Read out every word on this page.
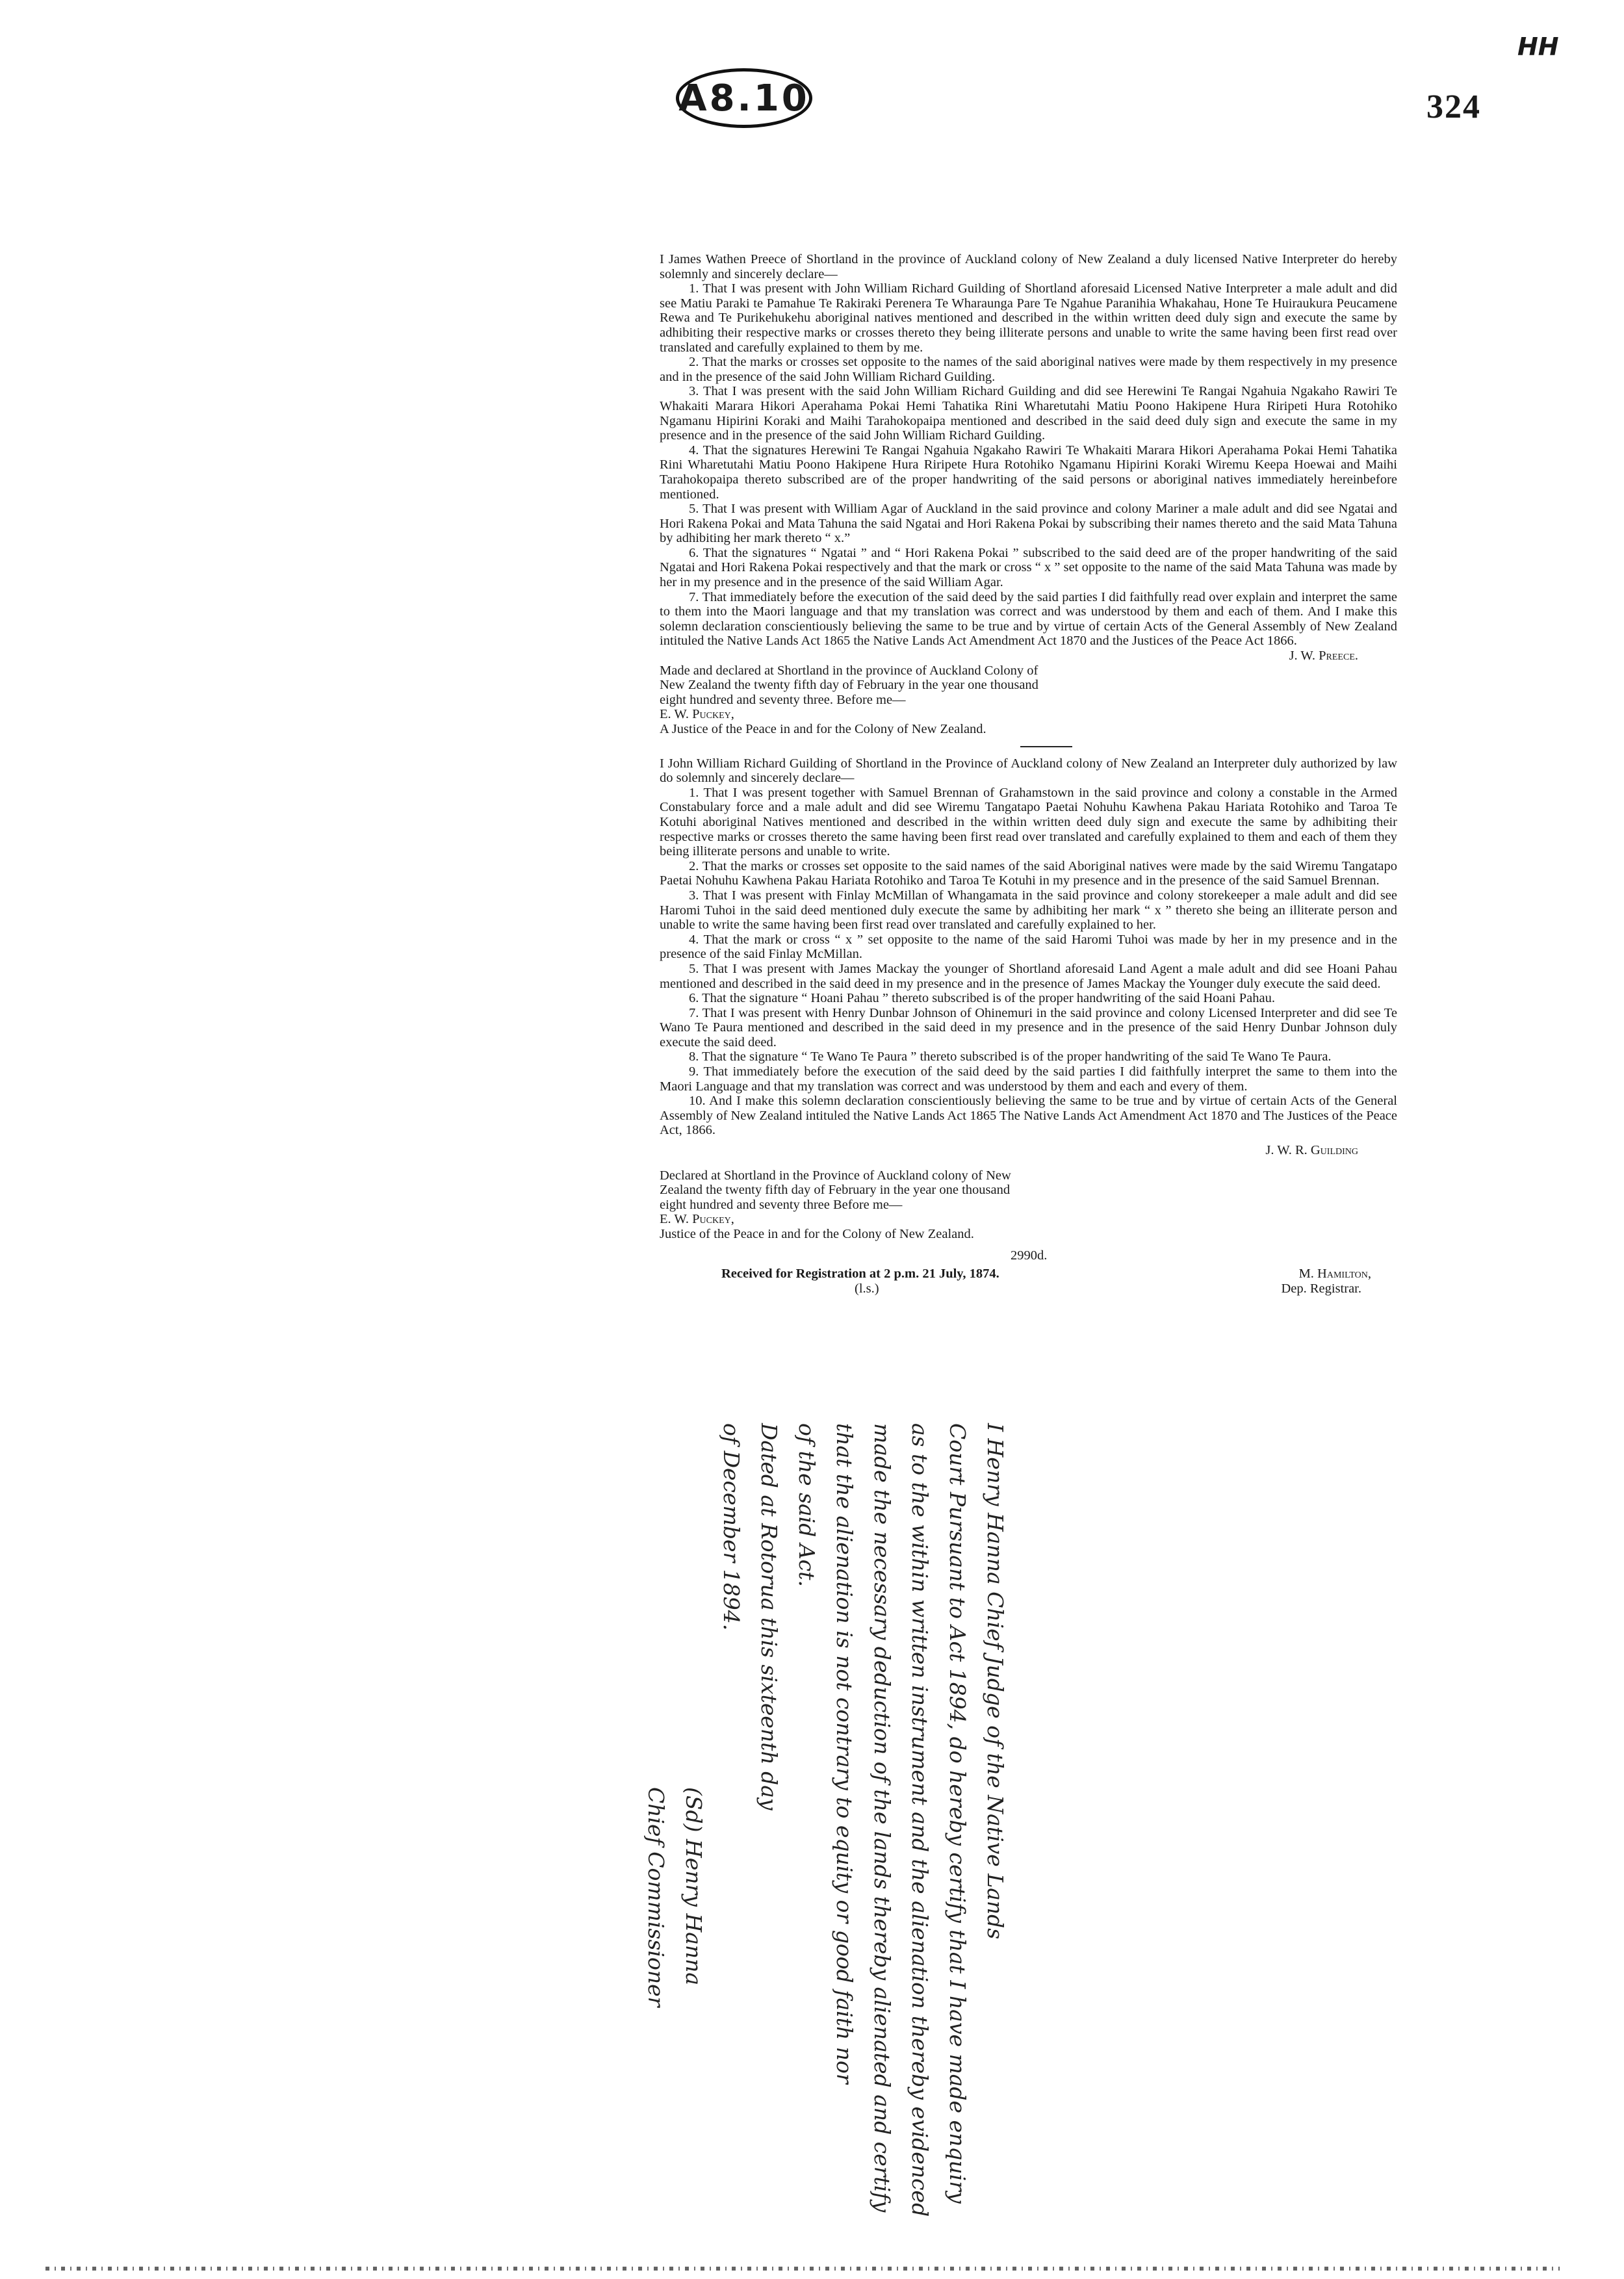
A8.10
HH
324

I James Wathen Preece of Shortland in the province of Auckland colony of New Zealand a duly licensed Native Interpreter do hereby solemnly and sincerely declare—

1. That I was present with John William Richard Guilding of Shortland aforesaid Licensed Native Interpreter a male adult and did see Matiu Paraki te Pamahue Te Rakiraki Perenera Te Wharaunga Pare Te Ngahue Paranihia Whakahau, Hone Te Huiraukura Peucamene Rewa and Te Purikehukehu aboriginal natives mentioned and described in the within written deed duly sign and execute the same by adhibiting their respective marks or crosses thereto they being illiterate persons and unable to write the same having been first read over translated and carefully explained to them by me.

2. That the marks or crosses set opposite to the names of the said aboriginal natives were made by them respectively in my presence and in the presence of the said John William Richard Guilding.

3. That I was present with the said John William Richard Guilding and did see Herewini Te Rangai Ngahuia Ngakaho Rawiri Te Whakaiti Marara Hikori Aperahama Pokai Hemi Tahatika Rini Wharetutahi Matiu Poono Hakipene Hura Riripeti Hura Rotohiko Ngamanu Hipirini Koraki and Maihi Tarahokopaipa mentioned and described in the said deed duly sign and execute the same in my presence and in the presence of the said John William Richard Guilding.

4. That the signatures Herewini Te Rangai Ngahuia Ngakaho Rawiri Te Whakaiti Marara Hikori Aperahama Pokai Hemi Tahatika Rini Wharetutahi Matiu Poono Hakipene Hura Riripete Hura Rotohiko Ngamanu Hipirini Koraki Wiremu Keepa Hoewai and Maihi Tarahokopaipa thereto subscribed are of the proper handwriting of the said persons or aboriginal natives immediately hereinbefore mentioned.

5. That I was present with William Agar of Auckland in the said province and colony Mariner a male adult and did see Ngatai and Hori Rakena Pokai and Mata Tahuna the said Ngatai and Hori Rakena Pokai by subscribing their names thereto and the said Mata Tahuna by adhibiting her mark thereto “ x.”

6. That the signatures “ Ngatai ” and “ Hori Rakena Pokai ” subscribed to the said deed are of the proper handwriting of the said Ngatai and Hori Rakena Pokai respectively and that the mark or cross “ x ” set opposite to the name of the said Mata Tahuna was made by her in my presence and in the presence of the said William Agar.

7. That immediately before the execution of the said deed by the said parties I did faithfully read over explain and interpret the same to them into the Maori language and that my translation was correct and was understood by them and each of them. And I make this solemn declaration conscientiously believing the same to be true and by virtue of certain Acts of the General Assembly of New Zealand intituled the Native Lands Act 1865 the Native Lands Act Amendment Act 1870 and the Justices of the Peace Act 1866.

J. W. Preece.

Made and declared at Shortland in the province of Auckland Colony of New Zealand the twenty fifth day of February in the year one thousand eight hundred and seventy three. Before me—

E. W. Puckey,

A Justice of the Peace in and for the Colony of New Zealand.

I John William Richard Guilding of Shortland in the Province of Auckland colony of New Zealand an Interpreter duly authorized by law do solemnly and sincerely declare—

1. That I was present together with Samuel Brennan of Grahamstown in the said province and colony a constable in the Armed Constabulary force and a male adult and did see Wiremu Tangatapo Paetai Nohuhu Kawhena Pakau Hariata Rotohiko and Taroa Te Kotuhi aboriginal Natives mentioned and described in the within written deed duly sign and execute the same by adhibiting their respective marks or crosses thereto the same having been first read over translated and carefully explained to them and each of them they being illiterate persons and unable to write.

2. That the marks or crosses set opposite to the said names of the said Aboriginal natives were made by the said Wiremu Tangatapo Paetai Nohuhu Kawhena Pakau Hariata Rotohiko and Taroa Te Kotuhi in my presence and in the presence of the said Samuel Brennan.

3. That I was present with Finlay McMillan of Whangamata in the said province and colony storekeeper a male adult and did see Haromi Tuhoi in the said deed mentioned duly execute the same by adhibiting her mark “ x ” thereto she being an illiterate person and unable to write the same having been first read over translated and carefully explained to her.

4. That the mark or cross “ x ” set opposite to the name of the said Haromi Tuhoi was made by her in my presence and in the presence of the said Finlay McMillan.

5. That I was present with James Mackay the younger of Shortland aforesaid Land Agent a male adult and did see Hoani Pahau mentioned and described in the said deed in my presence and in the presence of James Mackay the Younger duly execute the said deed.

6. That the signature “ Hoani Pahau ” thereto subscribed is of the proper handwriting of the said Hoani Pahau.

7. That I was present with Henry Dunbar Johnson of Ohinemuri in the said province and colony Licensed Interpreter and did see Te Wano Te Paura mentioned and described in the said deed in my presence and in the presence of the said Henry Dunbar Johnson duly execute the said deed.

8. That the signature “ Te Wano Te Paura ” thereto subscribed is of the proper handwriting of the said Te Wano Te Paura.

9. That immediately before the execution of the said deed by the said parties I did faithfully interpret the same to them into the Maori Language and that my translation was correct and was understood by them and each and every of them.

10. And I make this solemn declaration conscientiously believing the same to be true and by virtue of certain Acts of the General Assembly of New Zealand intituled the Native Lands Act 1865 The Native Lands Act Amendment Act 1870 and The Justices of the Peace Act, 1866.

J. W. R. Guilding

Declared at Shortland in the Province of Auckland colony of New Zealand the twenty fifth day of February in the year one thousand eight hundred and seventy three Before me—

E. W. Puckey,

Justice of the Peace in and for the Colony of New Zealand.

2990d.

Received for Registration at 2 p.m. 21 July, 1874.	M. Hamilton,
(l.s.)	Dep. Registrar.

I Henry Hanna Chief Judge of the Native Lands

Court Pursuant to Act 1894, do hereby certify that I have made enquiry

as to the within written instrument and the alienation thereby evidenced

made the necessary deduction of the lands thereby alienated and certify

that the alienation is not contrary to equity or good faith nor

of the said Act.

Dated at Rotorua this sixteenth day

of December 1894.

(Sd) Henry Hanna

Chief Commissioner
